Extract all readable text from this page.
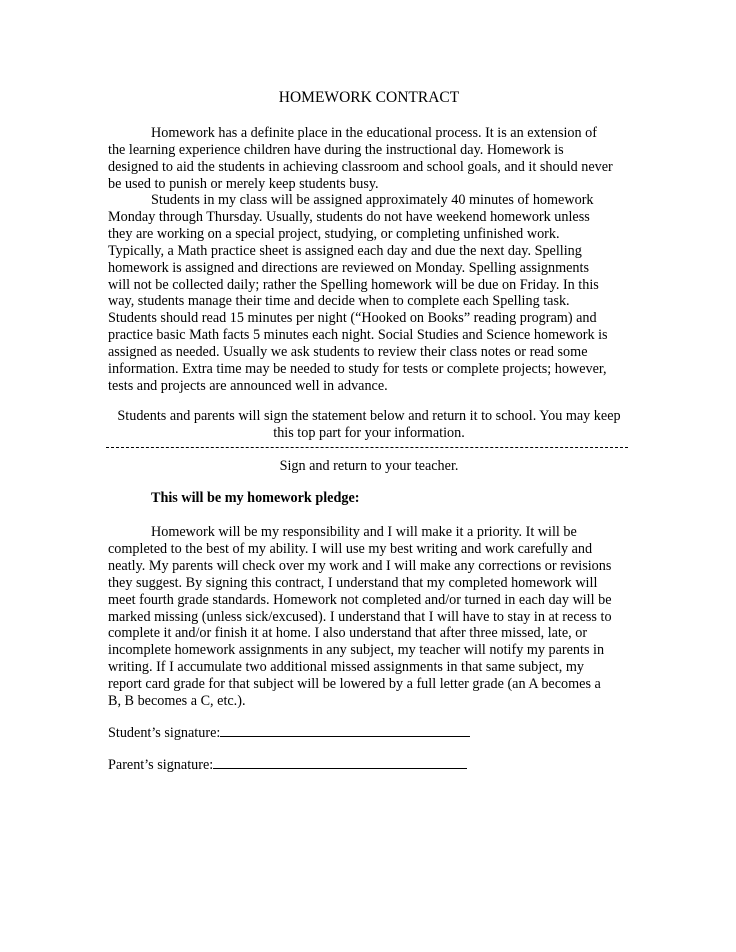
HOMEWORK CONTRACT
Homework has a definite place in the educational process. It is an extension of
the learning experience children have during the instructional day. Homework is
designed to aid the students in achieving classroom and school goals, and it should never
be used to punish or merely keep students busy.
Students in my class will be assigned approximately 40 minutes of homework
Monday through Thursday. Usually, students do not have weekend homework unless
they are working on a special project, studying, or completing unfinished work.
Typically, a Math practice sheet is assigned each day and due the next day. Spelling
homework is assigned and directions are reviewed on Monday. Spelling assignments
will not be collected daily; rather the Spelling homework will be due on Friday. In this
way, students manage their time and decide when to complete each Spelling task.
Students should read 15 minutes per night (“Hooked on Books” reading program) and
practice basic Math facts 5 minutes each night. Social Studies and Science homework is
assigned as needed. Usually we ask students to review their class notes or read some
information. Extra time may be needed to study for tests or complete projects; however,
tests and projects are announced well in advance.
Students and parents will sign the statement below and return it to school. You may keep
this top part for your information.
Sign and return to your teacher.
This will be my homework pledge:
Homework will be my responsibility and I will make it a priority. It will be
completed to the best of my ability. I will use my best writing and work carefully and
neatly. My parents will check over my work and I will make any corrections or revisions
they suggest. By signing this contract, I understand that my completed homework will
meet fourth grade standards. Homework not completed and/or turned in each day will be
marked missing (unless sick/excused). I understand that I will have to stay in at recess to
complete it and/or finish it at home. I also understand that after three missed, late, or
incomplete homework assignments in any subject, my teacher will notify my parents in
writing. If I accumulate two additional missed assignments in that same subject, my
report card grade for that subject will be lowered by a full letter grade (an A becomes a
B, B becomes a C, etc.).
Student’s signature:
Parent’s signature:
